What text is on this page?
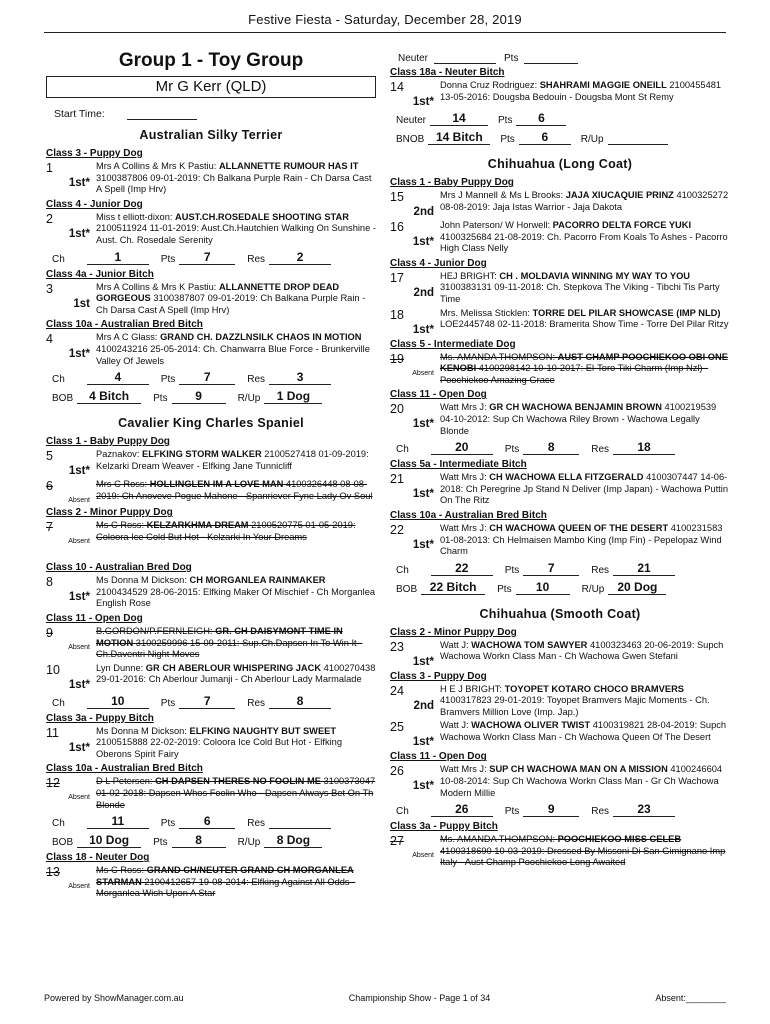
Festive Fiesta - Saturday, December 28, 2019
Group 1 - Toy Group
Mr G Kerr (QLD)
Start Time:
Australian Silky Terrier
Class 3 - Puppy Dog
1
1st*
Mrs A Collins & Mrs K Pastiu: ALLANNETTE RUMOUR HAS IT 3100387806 09-01-2019: Ch Balkana Purple Rain - Ch Darsa Cast A Spell (Imp Hrv)
Class 4 - Junior Dog
2
1st*
Miss t elliott-dixon: AUST.CH.ROSEDALE SHOOTING STAR 2100511924 11-01-2019: Aust.Ch.Hautchien Walking On Sunshine - Aust. Ch. Rosedale Serenity
Ch	1	Pts	7	Res	2
Class 4a - Junior Bitch
3
1st
Mrs A Collins & Mrs K Pastiu: ALLANNETTE DROP DEAD GORGEOUS 3100387807 09-01-2019: Ch Balkana Purple Rain - Ch Darsa Cast A Spell (Imp Hrv)
Class 10a - Australian Bred Bitch
4
1st*
Mrs A C Glass: GRAND CH. DAZZLNSILK CHAOS IN MOTION 4100243216 25-05-2014: Ch. Chanwarra Blue Force - Brunkerville Valley Of Jewels
Ch	4	Pts	7	Res	3
BOB	4 Bitch	Pts	9	R/Up	1 Dog
Cavalier King Charles Spaniel
Class 1 - Baby Puppy Dog
5
1st*
Paznakov: ELFKING STORM WALKER 2100527418 01-09-2019: Kelzarki Dream Weaver - Elfking Jane Tunnicliff
6
Absent
Mrs C Ross: HOLLINGLEN IM A LOVE MAN 4100326448 08-08-2019: Ch Anoveve Pogue Mahone - Spanriever Fyne Lady Ov Soul
Class 2 - Minor Puppy Dog
7
Absent
Ms C Ross: KELZARKHMA DREAM 2100520775 01-05-2019: Coloora Ice Cold But Hot - Kelzarki In Your Dreams
Class 10 - Australian Bred Dog
8
1st*
Ms Donna M Dickson: CH MORGANLEA RAINMAKER 2100434529 28-06-2015: Elfking Maker Of Mischief - Ch Morganlea English Rose
Class 11 - Open Dog
9
Absent
B.GORDON/P.FERNLEIGH: GR. CH DAISYMONT TIME IN MOTION 3100259996 15-09-2011: Sup.Ch.Dapsen In To Win It - Ch.Daventri Night Moves
10
1st*
Lyn Dunne: GR CH ABERLOUR WHISPERING JACK 4100270438 29-01-2016: Ch Aberlour Jumanji - Ch Aberlour Lady Marmalade
Ch	10	Pts	7	Res	8
Class 3a - Puppy Bitch
11
1st*
Ms Donna M Dickson: ELFKING NAUGHTY BUT SWEET 2100515888 22-02-2019: Coloora Ice Cold But Hot - Elfking Oberons Spirit Fairy
Class 10a - Australian Bred Bitch
12
Absent
D L Petersen: CH DAPSEN THERES NO FOOLIN ME 3100373047 01-02-2018: Dapsen Whos Foolin Who - Dapsen Always Bet On Th Blonde
Ch	11	Pts	6	Res
BOB	10 Dog	Pts	8	R/Up	8 Dog
Class 18 - Neuter Dog
13
Absent
Ms C Ross: GRAND CH/NEUTER GRAND CH MORGANLEA STARMAN 2100412657 19-08-2014: Elfking Against All Odds - Morganlea Wish Upon A Star
Neuter	Pts
Class 18a - Neuter Bitch
14
1st*
Donna Cruz Rodriguez: SHAHRAMI MAGGIE ONEILL 2100455481 13-05-2016: Dougsba Bedouin - Dougsba Mont St Remy
Neuter	14	Pts	6
BNOB 14 Bitch	Pts	6	R/Up
Chihuahua (Long Coat)
Class 1 - Baby Puppy Dog
15
2nd
Mrs J Mannell & Ms L Brooks: JAJA XIUCAQUIE PRINZ 4100325272 08-08-2019: Jaja Istas Warrior - Jaja Dakota
16
1st*
John Paterson/ W Horwell: PACORRO DELTA FORCE YUKI 4100325684 21-08-2019: Ch. Pacorro From Koals To Ashes - Pacorro High Class Nelly
Class 4 - Junior Dog
17
2nd
HEJ BRIGHT: CH . MOLDAVIA WINNING MY WAY TO YOU 3100383131 09-11-2018: Ch. Stepkova The Viking - Tibchi Tis Party Time
18
1st*
Mrs. Melissa Sticklen: TORRE DEL PILAR SHOWCASE (IMP NLD) LOE2445748 02-11-2018: Bramerita Show Time - Torre Del Pilar Ritzy
Class 5 - Intermediate Dog
19
Absent
Ms. AMANDA THOMPSON: AUST CHAMP POOCHIEKOO OBI ONE KENOBI 4100298142 10-10-2017: El-Toro Tiki Charm (Imp Nzl) - Poochiekoo Amazing Grace
Class 11 - Open Dog
20
1st*
Watt Mrs J: GR CH WACHOWA BENJAMIN BROWN 4100219539 04-10-2012: Sup Ch Wachowa Riley Brown - Wachowa Legally Blonde
Ch	20	Pts	8	Res	18
Class 5a - Intermediate Bitch
21
1st*
Watt Mrs J: CH WACHOWA ELLA FITZGERALD 4100307447 14-06-2018: Ch Peregrine Jp Stand N Deliver (Imp Japan) - Wachowa Puttin On The Ritz
Class 10a - Australian Bred Bitch
22
1st*
Watt Mrs J: CH WACHOWA QUEEN OF THE DESERT 4100231583 01-08-2013: Ch Helmaisen Mambo King (Imp Fin) - Pepelopaz Wind Charm
Ch	22	Pts	7	Res	21
BOB	22 Bitch	Pts	10	R/Up	20 Dog
Chihuahua (Smooth Coat)
Class 2 - Minor Puppy Dog
23
1st*
Watt J: WACHOWA TOM SAWYER 4100323463 20-06-2019: Supch Wachowa Workn Class Man - Ch Wachowa Gwen Stefani
Class 3 - Puppy Dog
24
2nd
H E J BRIGHT: TOYOPET KOTARO CHOCO BRAMVERS 4100317823 29-01-2019: Toyopet Bramvers Majic Moments - Ch. Bramvers Million Love (Imp. Jap.)
25
1st*
Watt J: WACHOWA OLIVER TWIST 4100319821 28-04-2019: Supch Wachowa Workn Class Man - Ch Wachowa Queen Of The Desert
Class 11 - Open Dog
26
1st*
Watt Mrs J: SUP CH WACHOWA MAN ON A MISSION 4100246604 10-08-2014: Sup Ch Wachowa Workn Class Man - Gr Ch Wachowa Modern Millie
Ch	26	Pts	9	Res	23
Class 3a - Puppy Bitch
27
Absent
Ms. AMANDA THOMPSON: POOCHIEKOO MISS CELEB 4100318690 10-03-2019: Dressed By Missoni Di San Gimignano Imp Italy - Aust Champ Poochiekoo Long Awaited
Powered by ShowManager.com.au	Championship Show - Page 1 of 34	Absent:________
